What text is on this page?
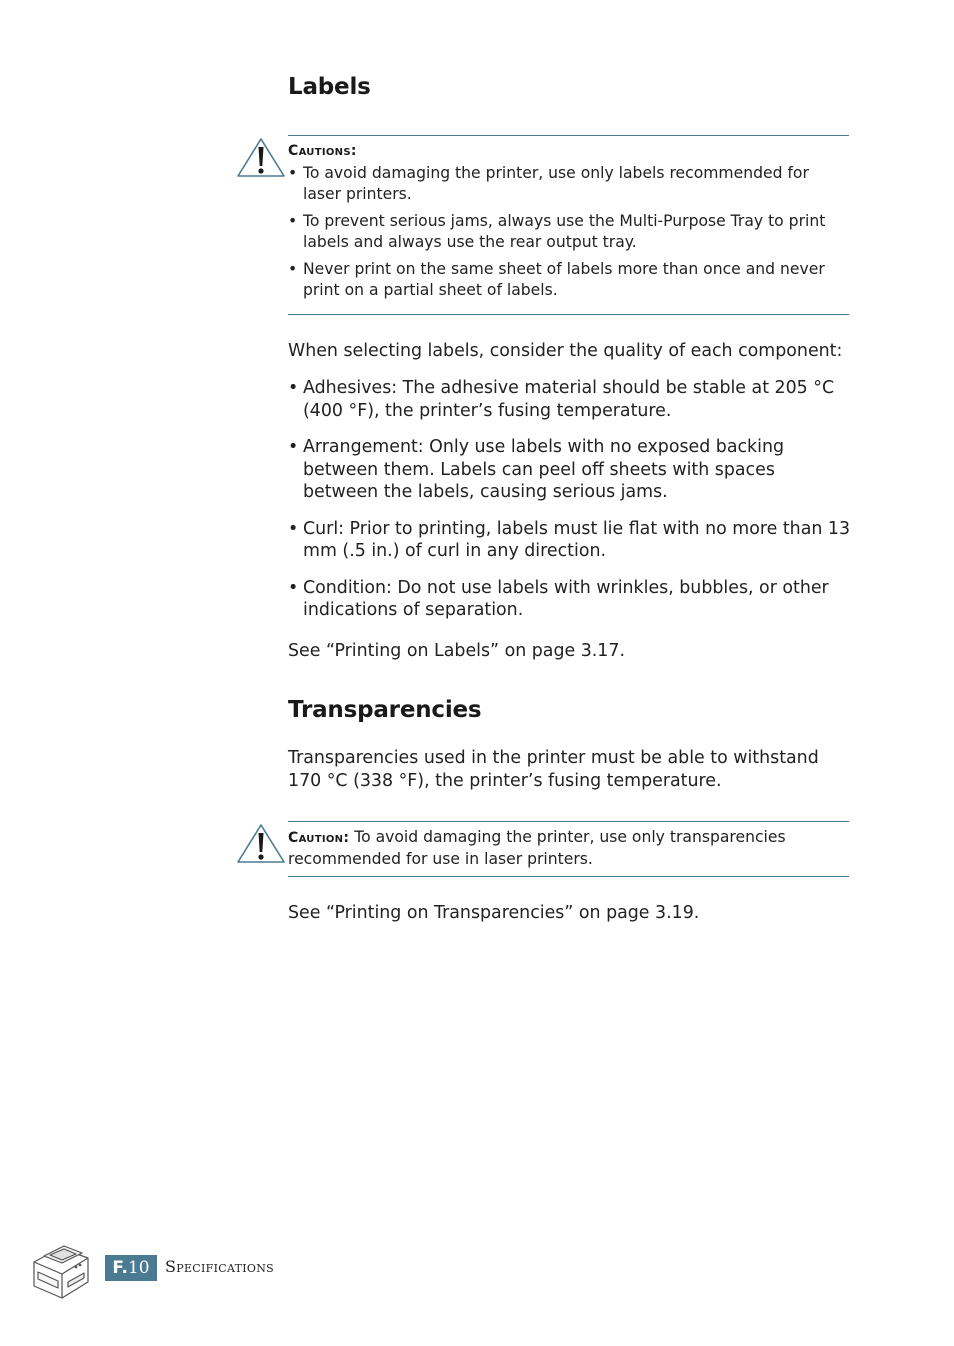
Labels
Cautions:
• To avoid damaging the printer, use only labels recommended for laser printers.
• To prevent serious jams, always use the Multi-Purpose Tray to print labels and always use the rear output tray.
• Never print on the same sheet of labels more than once and never print on a partial sheet of labels.
When selecting labels, consider the quality of each component:
• Adhesives: The adhesive material should be stable at 205 °C (400 °F), the printer’s fusing temperature.
• Arrangement: Only use labels with no exposed backing between them. Labels can peel off sheets with spaces between the labels, causing serious jams.
• Curl: Prior to printing, labels must lie flat with no more than 13 mm (.5 in.) of curl in any direction.
• Condition: Do not use labels with wrinkles, bubbles, or other indications of separation.
See “Printing on Labels” on page 3.17.
Transparencies
Transparencies used in the printer must be able to withstand 170 °C (338 °F), the printer’s fusing temperature.
Caution: To avoid damaging the printer, use only transparencies recommended for use in laser printers.
See “Printing on Transparencies” on page 3.19.
F.10 Specifications
